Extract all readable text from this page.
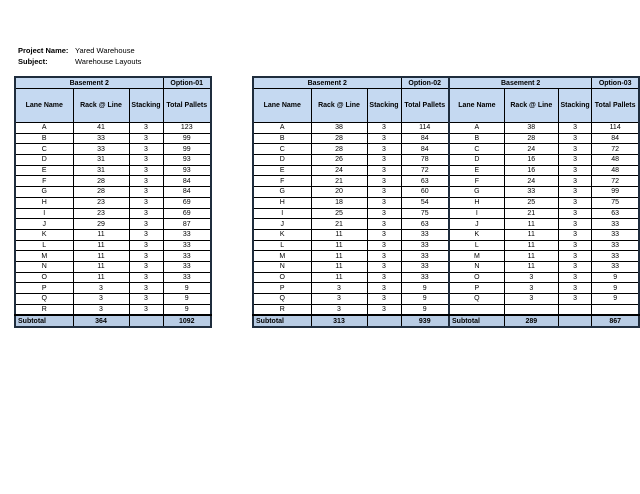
Project Name: Yared Warehouse
Subject:	Warehouse Layouts
Basement 2			Option-01
Lane Name	Rack @ Line	Stacking	Total Pallets
A	41	3	123
B	33	3	99
C	33	3	99
D	31	3	93
E	31	3	93
F	28	3	84
G	28	3	84
H	23	3	69
I	23	3	69
J	29	3	87
K	11	3	33
L	11	3	33
M	11	3	33
N	11	3	33
O	11	3	33
P	3	3	9
Q	3	3	9
R	3	3	9
Subtotal	364		1092
Basement 2			Option-02
Lane Name	Rack @ Line	Stacking	Total Pallets
A	38	3	114
B	28	3	84
C	28	3	84
D	26	3	78
E	24	3	72
F	21	3	63
G	20	3	60
H	18	3	54
I	25	3	75
J	21	3	63
K	11	3	33
L	11	3	33
M	11	3	33
N	11	3	33
O	11	3	33
P	3	3	9
Q	3	3	9
R	3	3	9
Subtotal	313		939
Basement 2			Option-03
Lane Name	Rack @ Line	Stacking	Total Pallets
A	38	3	114
B	28	3	84
C	24	3	72
D	16	3	48
E	16	3	48
F	24	3	72
G	33	3	99
H	25	3	75
I	21	3	63
J	11	3	33
K	11	3	33
L	11	3	33
M	11	3	33
N	11	3	33
O	3	3	9
P	3	3	9
Q	3	3	9

Subtotal	289		867
